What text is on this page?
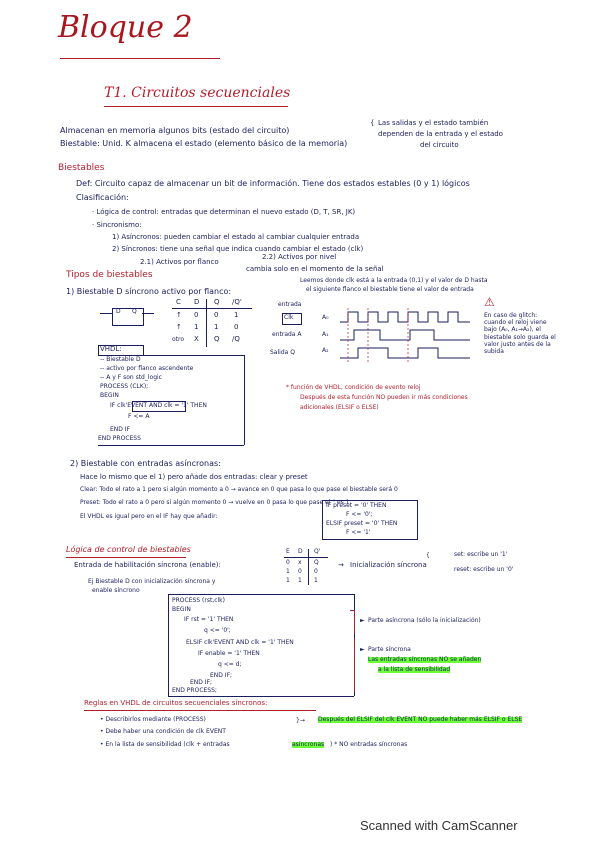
Bloque 2
T1. Circuitos secuenciales
Almacenan en memoria algunos bits (estado del circuito)
Biestable: Unid. K almacena el estado (elemento básico de la memoria)
{ Las salidas y el estado también
dependen de la entrada y el estado
del circuito
Biestables
Def: Circuito capaz de almacenar un bit de información. Tiene dos estados estables (0 y 1) lógicos
Clasificación:
· Lógica de control: entradas que determinan el nuevo estado (D, T, SR, JK)
· Sincronismo:
1) Asíncronos: pueden cambiar el estado al cambiar cualquier entrada
2) Síncronos: tiene una señal que indica cuando cambiar el estado (clk)
2.1) Activos por flanco
2.2) Activos por nivel
cambia solo en el momento de la señal
Tipos de biestables
1) Biestable D síncrono activo por flanco:
Leemos donde clk está a la entrada (0,1) y el valor de D hasta
el siguiente flanco el biestable tiene el valor de entrada
D Q
C D Q /Q'
↑ 0 0 1
↑ 1 1 0
otro X Q /Q
entrada
Clk
entrada A
Salida Q
A₀
A₁
A₂
⚠
En caso de glitch: cuando el reloj viene bajo (A₀, A₁→A₂), el biestable solo guarda el valor justo antes de la subida
VHDL:
-- Biestable D
-- activo por flanco ascendente
-- A y F son std_logic
PROCESS (CLK);
BEGIN
IF clk'EVENT AND clk = '1' THEN
F <= A
END IF
END PROCESS
* función de VHDL, condición de evento reloj
Después de esta función NO pueden ir más condiciones
adicionales (ELSIF o ELSE)
2) Biestable con entradas asíncronas:
Hace lo mismo que el 1) pero añade dos entradas: clear y preset
Clear: Todo el rato a 1 pero si algún momento a 0 → avance en 0 que pasa lo que pase el biestable será 0
Preset: Todo el rato a 0 pero si algún momento 0 → vuelve en 0 pasa lo que pase el " es 1
El VHDL es igual pero en el IF hay que añadir:
IF preset = '0' THEN
F <= '0';
ELSIF preset = '0' THEN
F <= '1'
Lógica de control de biestables
Entrada de habilitación síncrona (enable):
E D Q'
0 x Q
1 0 0
1 1 1
→ Inicialización síncrona
{	set: escribe un '1'
reset: escribe un '0'
Ej Biestable D con inicialización síncrona y
enable síncrono
PROCESS (rst,clk)
BEGIN
IF rst = '1' THEN
q <= '0';
ELSIF clk'EVENT AND clk = '1' THEN
IF enable = '1' THEN
q <= d;
END IF;
END IF;
END PROCESS;
► Parte asíncrona (sólo la inicialización)
► Parte síncrona
Las entradas síncronas NO se añaden
a la lista de sensibilidad
Reglas en VHDL de circuitos secuenciales síncronos:
• Describirlos mediante (PROCESS)
• Debe haber una condición de clk EVENT
}→ Después del ELSIF del clk EVENT NO puede haber más ELSIF o ELSE
• En la lista de sensibilidad (clk + entradas	asíncronas ) * NO entradas síncronas
Scanned with CamScanner
